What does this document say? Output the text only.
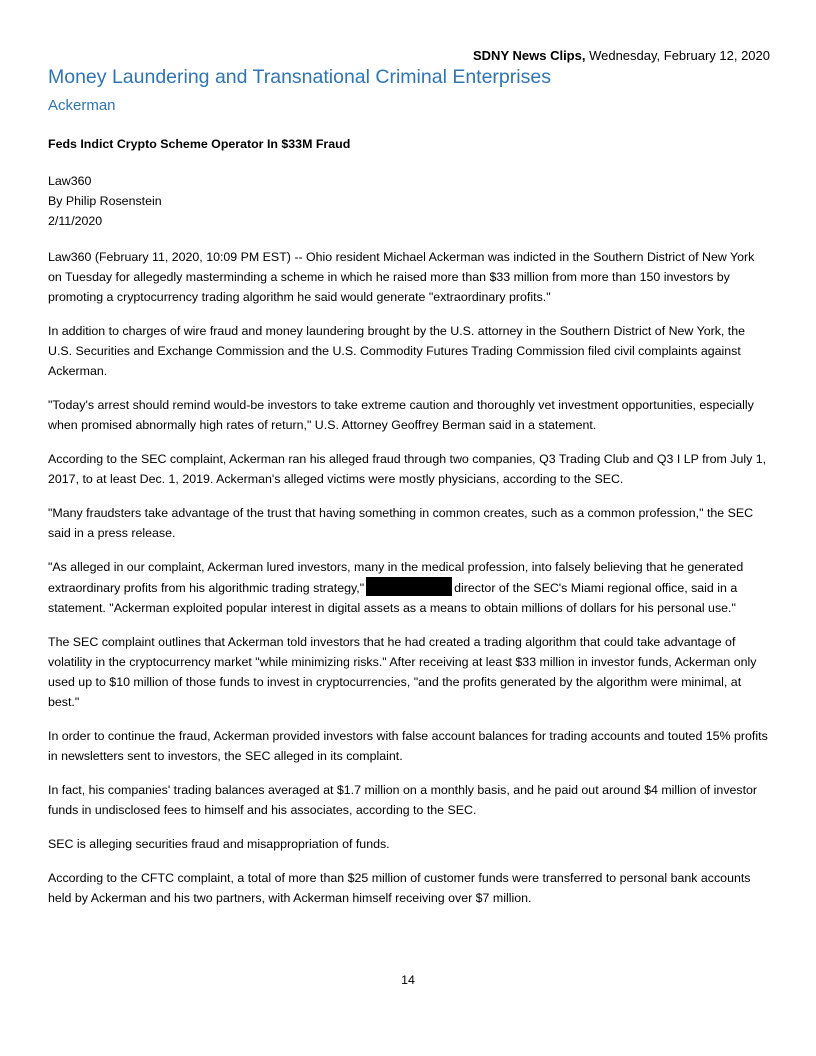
SDNY News Clips, Wednesday, February 12, 2020
Money Laundering and Transnational Criminal Enterprises
Ackerman
Feds Indict Crypto Scheme Operator In $33M Fraud
Law360
By Philip Rosenstein
2/11/2020

Law360 (February 11, 2020, 10:09 PM EST) -- Ohio resident Michael Ackerman was indicted in the Southern District of New York on Tuesday for allegedly masterminding a scheme in which he raised more than $33 million from more than 150 investors by promoting a cryptocurrency trading algorithm he said would generate "extraordinary profits."

In addition to charges of wire fraud and money laundering brought by the U.S. attorney in the Southern District of New York, the U.S. Securities and Exchange Commission and the U.S. Commodity Futures Trading Commission filed civil complaints against Ackerman.

"Today's arrest should remind would-be investors to take extreme caution and thoroughly vet investment opportunities, especially when promised abnormally high rates of return," U.S. Attorney Geoffrey Berman said in a statement.

According to the SEC complaint, Ackerman ran his alleged fraud through two companies, Q3 Trading Club and Q3 I LP from July 1, 2017, to at least Dec. 1, 2019. Ackerman's alleged victims were mostly physicians, according to the SEC.

"Many fraudsters take advantage of the trust that having something in common creates, such as a common profession," the SEC said in a press release.

"As alleged in our complaint, Ackerman lured investors, many in the medical profession, into falsely believing that he generated extraordinary profits from his algorithmic trading strategy,"	director of the SEC's Miami regional office, said in a statement. "Ackerman exploited popular interest in digital assets as a means to obtain millions of dollars for his personal use."

The SEC complaint outlines that Ackerman told investors that he had created a trading algorithm that could take advantage of volatility in the cryptocurrency market "while minimizing risks." After receiving at least $33 million in investor funds, Ackerman only used up to $10 million of those funds to invest in cryptocurrencies, "and the profits generated by the algorithm were minimal, at best."

In order to continue the fraud, Ackerman provided investors with false account balances for trading accounts and touted 15% profits in newsletters sent to investors, the SEC alleged in its complaint.

In fact, his companies' trading balances averaged at $1.7 million on a monthly basis, and he paid out around $4 million of investor funds in undisclosed fees to himself and his associates, according to the SEC.

SEC is alleging securities fraud and misappropriation of funds.

According to the CFTC complaint, a total of more than $25 million of customer funds were transferred to personal bank accounts held by Ackerman and his two partners, with Ackerman himself receiving over $7 million.

14
